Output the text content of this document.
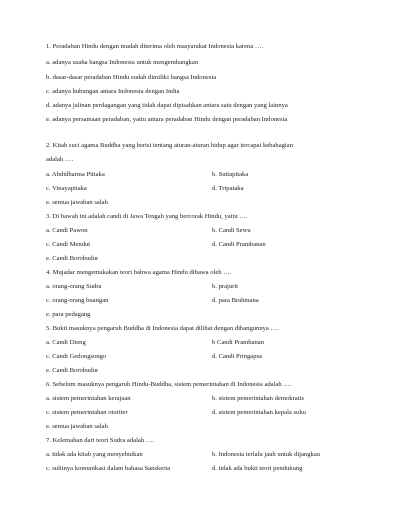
1. Peradaban Hindu dengan mudah diterima oleh masyarakat Indonesia karena ….
a. adanya usaha bangsa Indonesia untuk mengembangkan
b. dasar-dasar peradaban Hindu sudah dimiliki bangsa Indonesia
c. adanya hubungan antara Indonesia dengan India
d. adanya jalinan perdagangan yang tidak dapat dipisahkan antara satu dengan yang lainnya
e. adanya persamaan peradaban, yaitu antara peradaban Hindu dengan peradaban Indonesia
2. Kitab suci agama Buddha yang berisi tentang aturan-aturan hidup agar tercapai kebahagian
adalah ….
a. Abdidharma Pittaka	b. Suttapitaka
c. Vinayapitaka	d. Tripataka
e. semua jawaban salah
3. Di bawah ini adalah candi di Jawa Tengah yang bercorak Hindu, yaitu ….
a. Candi Pawon	b. Candi Sewu
c. Candi Mendut	d. Candi Prambanan
e. Candi Borobudur
4. Mujadar mengemukakan teori bahwa agama Hindu dibawa oleh ….
a. orang-orang Sudra	b. prajurit
c. orang-orang buangan	d. para Brahmana
e. para pedagang
5. Bukti masuknya pengaruh Buddha di Indonesia dapat dilihat dengan dibangunnya ….
a. Candi Dieng	b Candi Prambanan
c. Candi Gedongsongo	d. Candi Pringapus
e. Candi Borobudur
6. Sebelum masuknya pengaruh Hindu-Buddha, sistem pemerintahan di Indonesia adalah ….
a. sistem pemerintahan kerajaan	b. sistem pemerintahan demokratis
c. sistem pemerintahan otoriter	d. sistem pemerintahan kepala suku
e. semua jawaban salah
7. Kelemahan dari teori Sudra adalah ….
a. tidak ada kitab yang menyebutkan	b. Indonesia terlalu jauh untuk dijangkau
c. sulitnya komunikasi dalam bahasa Sanskerta	d. tidak ada bukti teori pendukung
